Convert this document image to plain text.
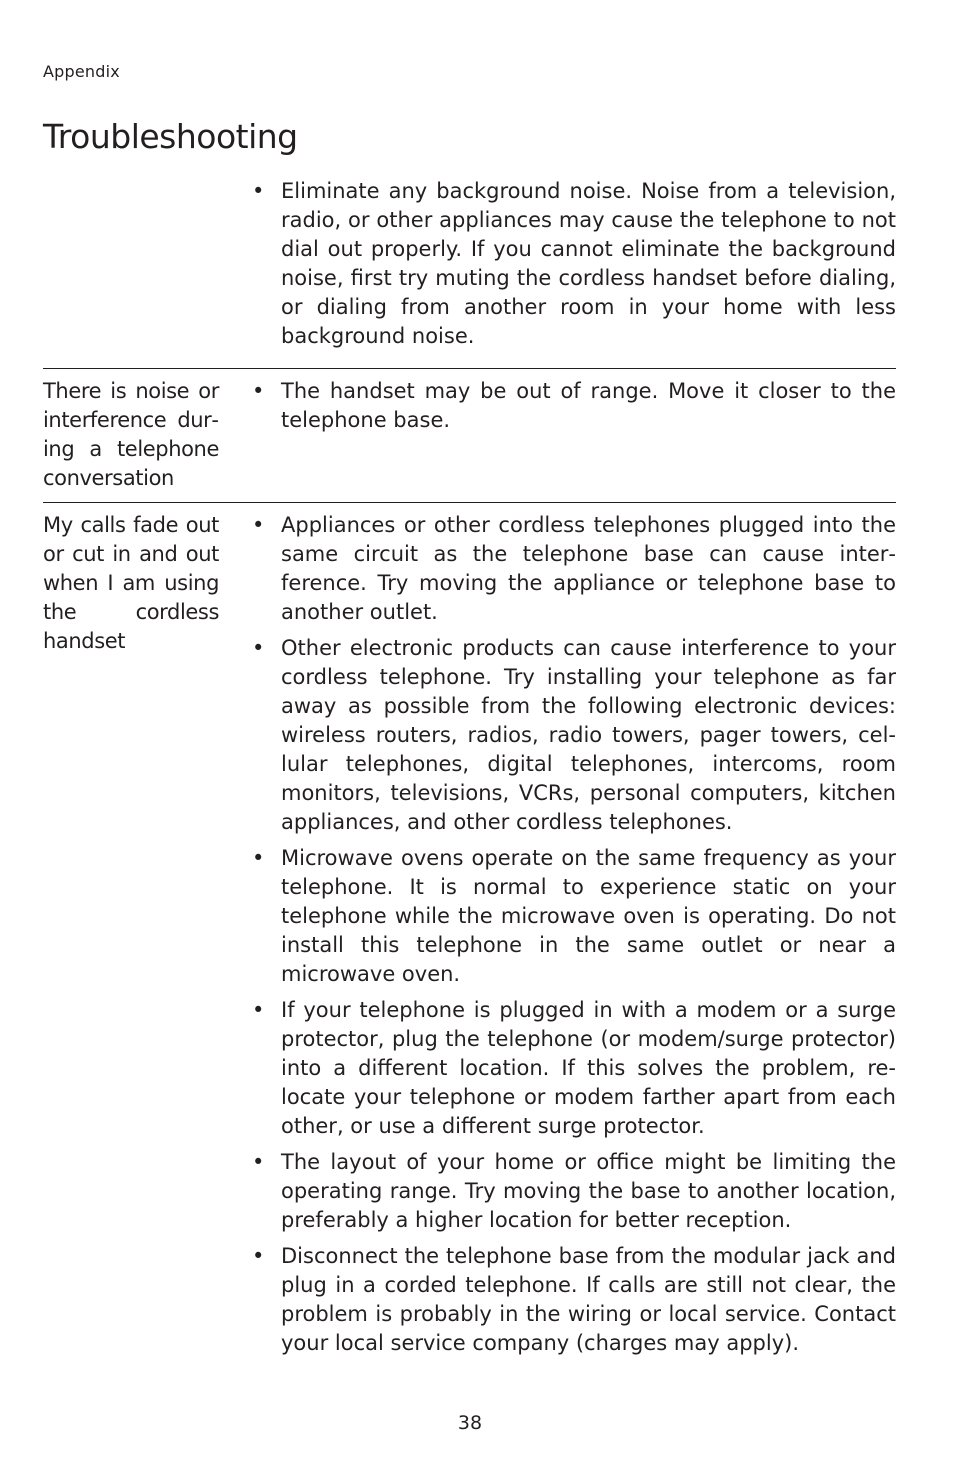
Appendix
Troubleshooting
• Eliminate any background noise. Noise from a television, radio, or other appliances may cause the telephone to not dial out properly. If you cannot eliminate the background noise, first try muting the cordless handset before dialing, or dialing from another room in your home with less background noise.
There is noise or interference during a telephone conversation
• The handset may be out of range. Move it closer to the telephone base.
My calls fade out or cut in and out when I am using the cordless handset
• Appliances or other cordless telephones plugged into the same circuit as the telephone base can cause interference. Try moving the appliance or telephone base to another outlet.
• Other electronic products can cause interference to your cordless telephone. Try installing your telephone as far away as possible from the following electronic devices: wireless routers, radios, radio towers, pager towers, cellular telephones, digital telephones, intercoms, room monitors, televisions, VCRs, personal computers, kitchen appliances, and other cordless telephones.
• Microwave ovens operate on the same frequency as your telephone. It is normal to experience static on your telephone while the microwave oven is operating. Do not install this telephone in the same outlet or near a microwave oven.
• If your telephone is plugged in with a modem or a surge protector, plug the telephone (or modem/surge protector) into a different location. If this solves the problem, re-locate your telephone or modem farther apart from each other, or use a different surge protector.
• The layout of your home or office might be limiting the operating range. Try moving the base to another location, preferably a higher location for better reception.
• Disconnect the telephone base from the modular jack and plug in a corded telephone. If calls are still not clear, the problem is probably in the wiring or local service. Contact your local service company (charges may apply).
38
